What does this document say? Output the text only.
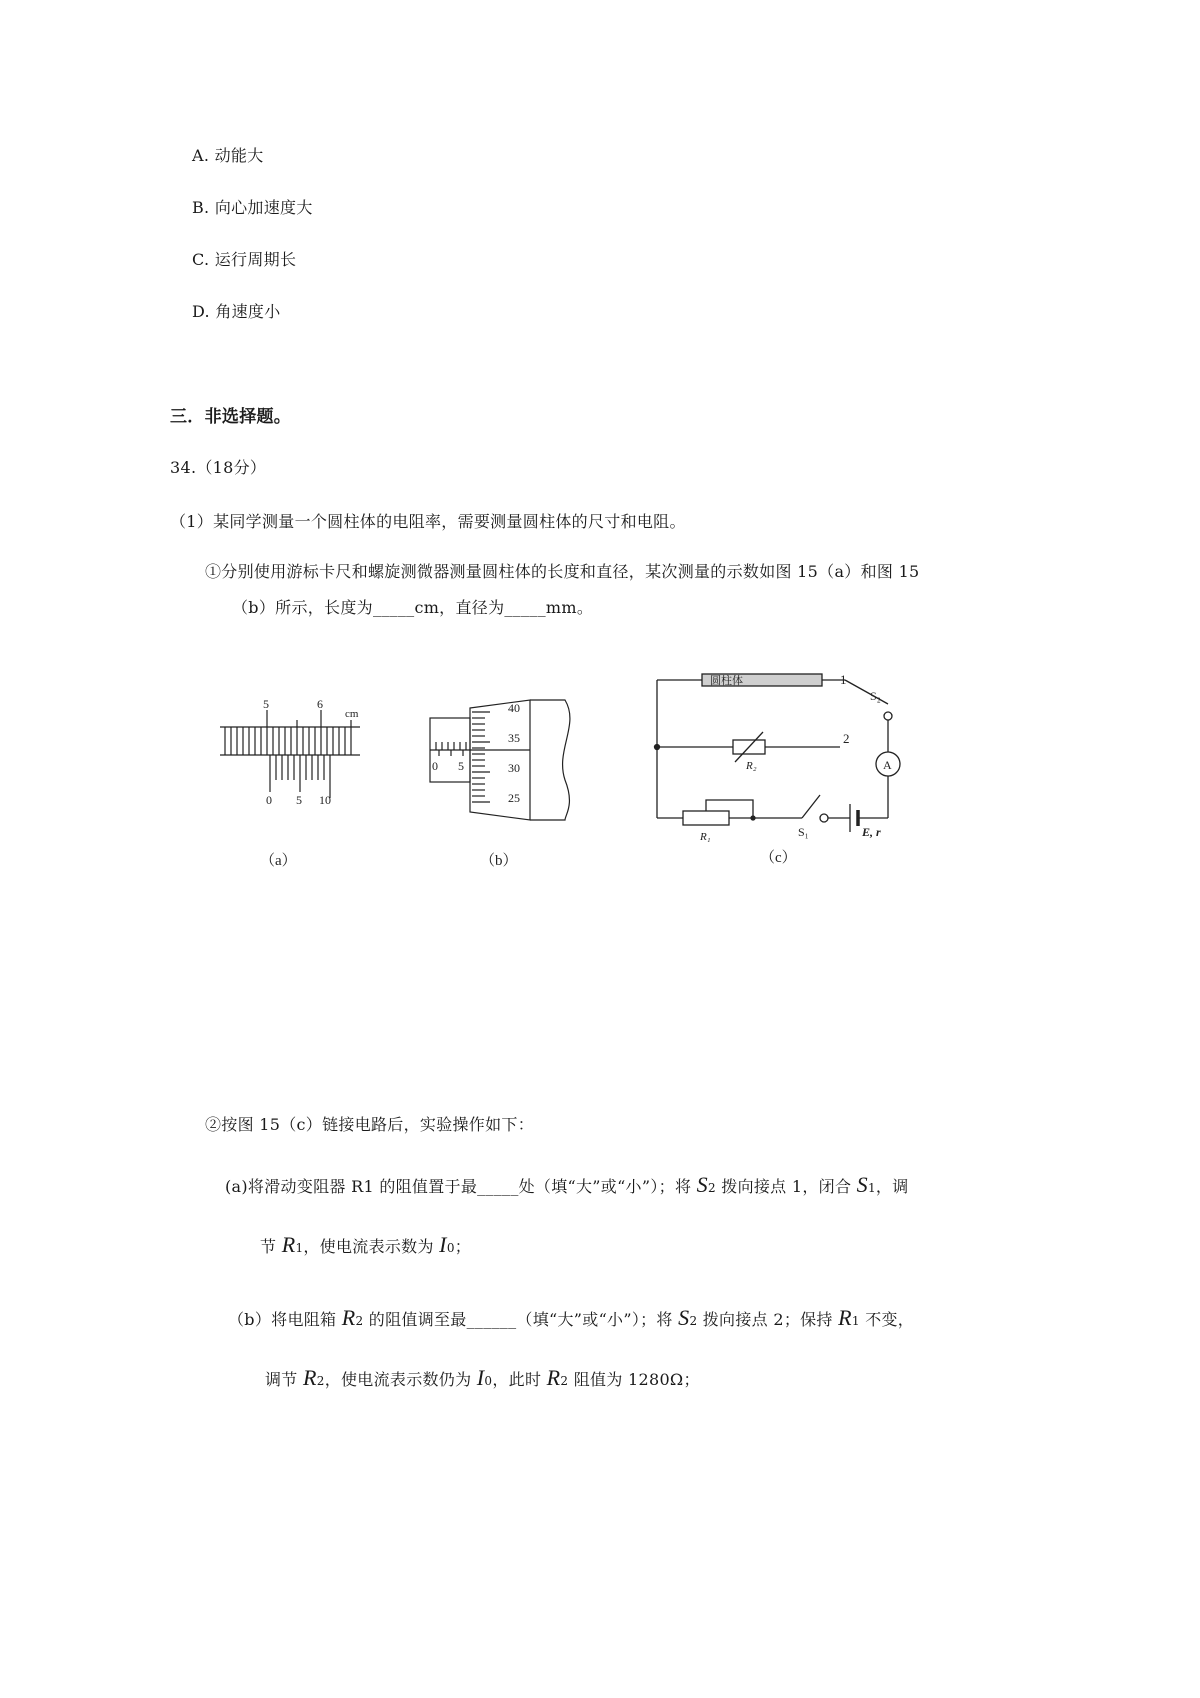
A. 动能大
B. 向心加速度大
C. 运行周期长
D. 角速度小
三．非选择题。
34.（18分）
（1）某同学测量一个圆柱体的电阻率，需要测量圆柱体的尺寸和电阻。
①分别使用游标卡尺和螺旋测微器测量圆柱体的长度和直径，某次测量的示数如图 15（a）和图 15
（b）所示，长度为_____cm，直径为_____mm。
5	6
cm
0 5 10
（a）
40
35
30
25
0 5
（b）
圆柱体	1
2
R₂
R₁	S₁
S₂
A
E, r
（c）
②按图 15（c）链接电路后，实验操作如下：
(a)将滑动变阻器 R1 的阻值置于最_____处（填“大”或“小”）；将 S2 拨向接点 1，闭合 S1，调
节 R1，使电流表示数为 I0；
（b）将电阻箱 R2 的阻值调至最______（填“大”或“小”）；将 S2 拨向接点 2；保持 R1 不变，
调节 R2，使电流表示数仍为 I0，此时 R2 阻值为 1280Ω；
